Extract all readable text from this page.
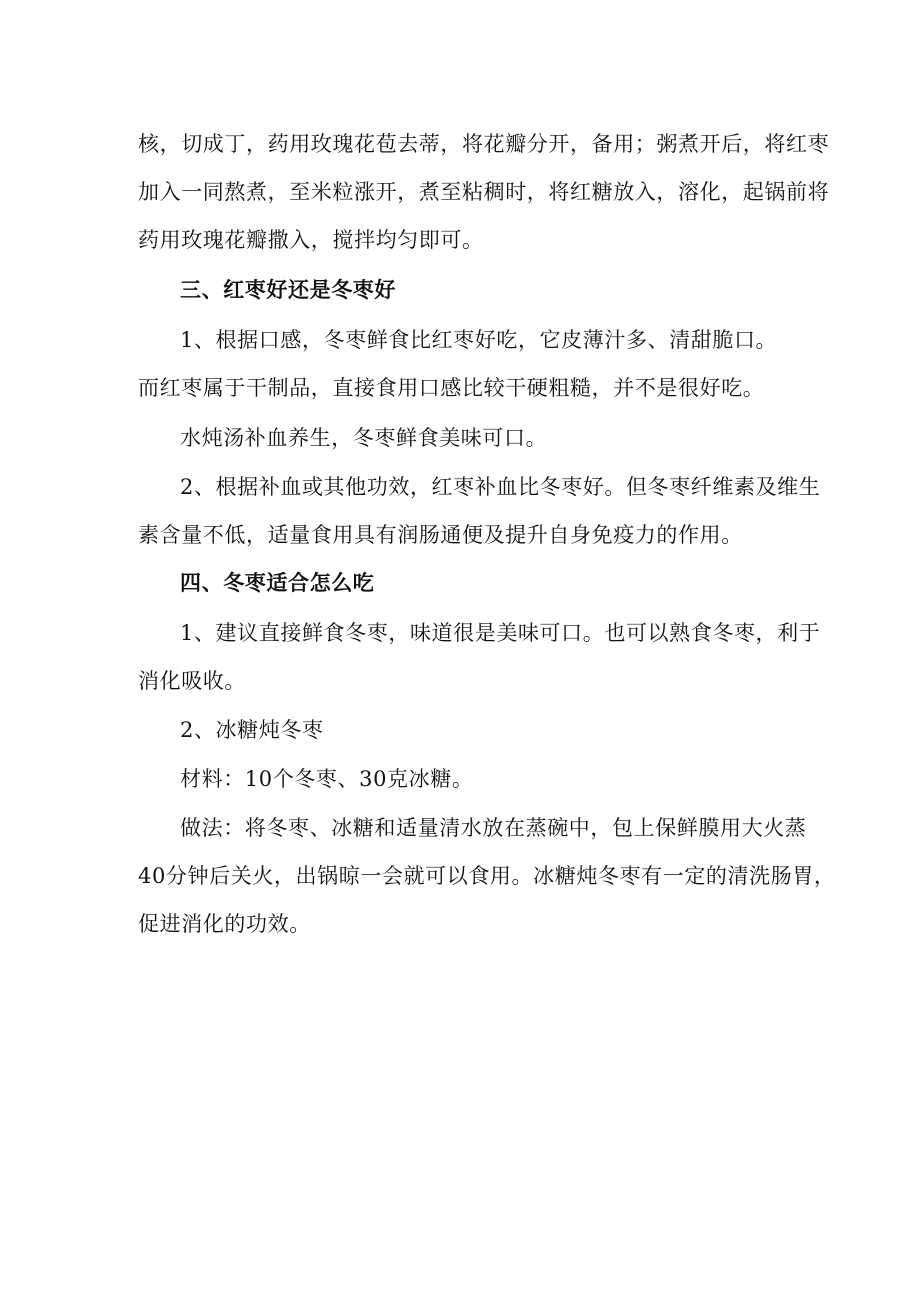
核，切成丁，药用玫瑰花苞去蒂，将花瓣分开，备用；粥煮开后，将红枣
加入一同熬煮，至米粒涨开，煮至粘稠时，将红糖放入，溶化，起锅前将
药用玫瑰花瓣撒入，搅拌均匀即可。
三、红枣好还是冬枣好
1、根据口感，冬枣鲜食比红枣好吃，它皮薄汁多、清甜脆口。
而红枣属于干制品，直接食用口感比较干硬粗糙，并不是很好吃。
水炖汤补血养生，冬枣鲜食美味可口。
2、根据补血或其他功效，红枣补血比冬枣好。但冬枣纤维素及维生
素含量不低，适量食用具有润肠通便及提升自身免疫力的作用。
四、冬枣适合怎么吃
1、建议直接鲜食冬枣，味道很是美味可口。也可以熟食冬枣，利于
消化吸收。
2、冰糖炖冬枣
材料：10个冬枣、30克冰糖。
做法：将冬枣、冰糖和适量清水放在蒸碗中，包上保鲜膜用大火蒸
40分钟后关火，出锅晾一会就可以食用。冰糖炖冬枣有一定的清洗肠胃，
促进消化的功效。
